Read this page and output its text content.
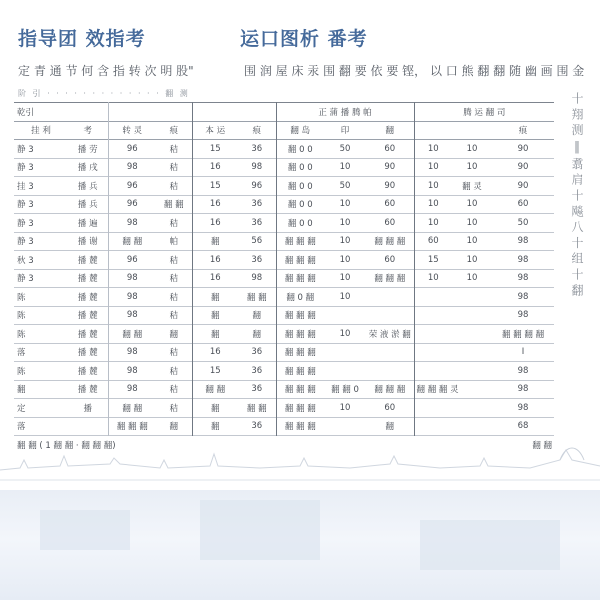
指导团 效指考	运口图析 番考
定 青 通 节 何 含 指 转 次 明 股"	围 润 屋 床 汞 围 翻 要 依 要 铿， 以 口 熊 翻 翻 随 幽 画 围 金
阶 引 · · · · · · · · · · · · · 翻 测	十 翔 测 ‖ 翥 肩 十 飚 八 十 组 十 翻
乾引						正 蒲 播 腾 帕			腾 运 翻 司		
挂 利	考	转 灵	痕	本 运	痕	翻 岛	印	翻			痕
静 3	播 劳	96	秸	15	36	翻 0 0	50	60	10	10	90
静 3	播 戌	98	秸	16	98	翻 0 0	10	90	10	10	90
挂 3	播 兵	96	秸	15	96	翻 0 0	50	90	10	翻 灵	90
静 3	播 兵	96	翻 翻	16	36	翻 0 0	10	60	10	10	60
静 3	播 遍	98	秸	16	36	翻 0 0	10	60	10	10	50
静 3	播 谢	翻 翻	帕	翻	56	翻 翻 翻	10	翻 翻 翻	60	10	98
秋 3	播 麓	96	秸	16	36	翻 翻 翻	10	60	15	10	98
静 3	播 麓	98	秸	16	98	翻 翻 翻	10	翻 翻 翻	10	10	98
陈	播 麓	98	秸	翻	翻 翻	翻 0 翻	10				98
陈	播 麓	98	秸	翻	翻	翻 翻 翻					98
陈	播 麓	翻 翻	翻	翻	翻	翻 翻 翻	10	荣 液 淤 翻			翻 翻 翻 翻
落	播 麓	98	秸	16	36	翻 翻 翻					I
陈	播 麓	98	秸	15	36	翻 翻 翻					98
翻	播 麓	98	秸	翻 翻	36	翻 翻 翻	翻 翻 0	翻 翻 翻	翻 翻 翻 灵		98
定	播	翻 翻	秸	翻	翻 翻	翻 翻 翻	10	60			98
落		翻 翻 翻	翻	翻	36	翻 翻 翻		翻			68
翻 翻 ( 1 翻 翻 · 翻 翻 翻)						翻 翻					
